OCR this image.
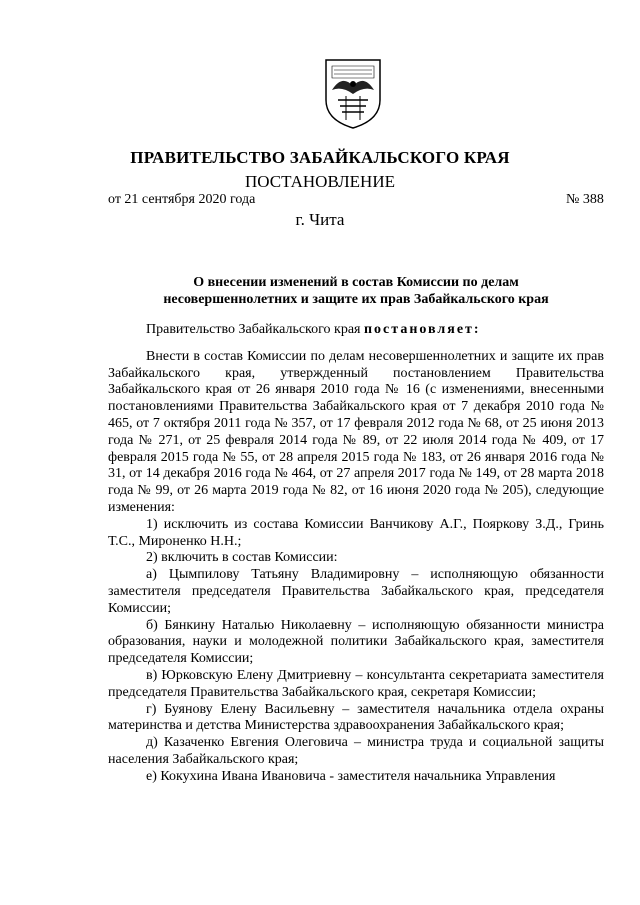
ПРАВИТЕЛЬСТВО ЗАБАЙКАЛЬСКОГО КРАЯ
ПОСТАНОВЛЕНИЕ
от 21 сентября 2020 года	№ 388
г. Чита
О внесении изменений в состав Комиссии по делам
несовершеннолетних и защите их прав Забайкальского края

Правительство Забайкальского края постановляет:

Внести в состав Комиссии по делам несовершеннолетних и защите их прав Забайкальского края, утвержденный постановлением Правительства Забайкальского края от 26 января 2010 года № 16 (с изменениями, внесенными постановлениями Правительства Забайкальского края от 7 декабря 2010 года № 465, от 7 октября 2011 года № 357, от 17 февраля 2012 года № 68, от 25 июня 2013 года № 271, от 25 февраля 2014 года № 89, от 22 июля 2014 года № 409, от 17 февраля 2015 года № 55, от 28 апреля 2015 года № 183, от 26 января 2016 года № 31, от 14 декабря 2016 года № 464, от 27 апреля 2017 года № 149, от 28 марта 2018 года № 99, от 26 марта 2019 года № 82, от 16 июня 2020 года № 205), следующие изменения:

1) исключить из состава Комиссии Ванчикову А.Г., Пояркову З.Д., Гринь Т.С., Мироненко Н.Н.;

2) включить в состав Комиссии:

а) Цымпилову Татьяну Владимировну – исполняющую обязанности заместителя председателя Правительства Забайкальского края, председателя Комиссии;

б) Бянкину Наталью Николаевну – исполняющую обязанности министра образования, науки и молодежной политики Забайкальского края, заместителя председателя Комиссии;

в) Юрковскую Елену Дмитриевну – консультанта секретариата заместителя председателя Правительства Забайкальского края, секретаря Комиссии;

г) Буянову Елену Васильевну – заместителя начальника отдела охраны материнства и детства Министерства здравоохранения Забайкальского края;

д) Казаченко Евгения Олеговича – министра труда и социальной защиты населения Забайкальского края;

е) Кокухина Ивана Ивановича - заместителя начальника Управления
